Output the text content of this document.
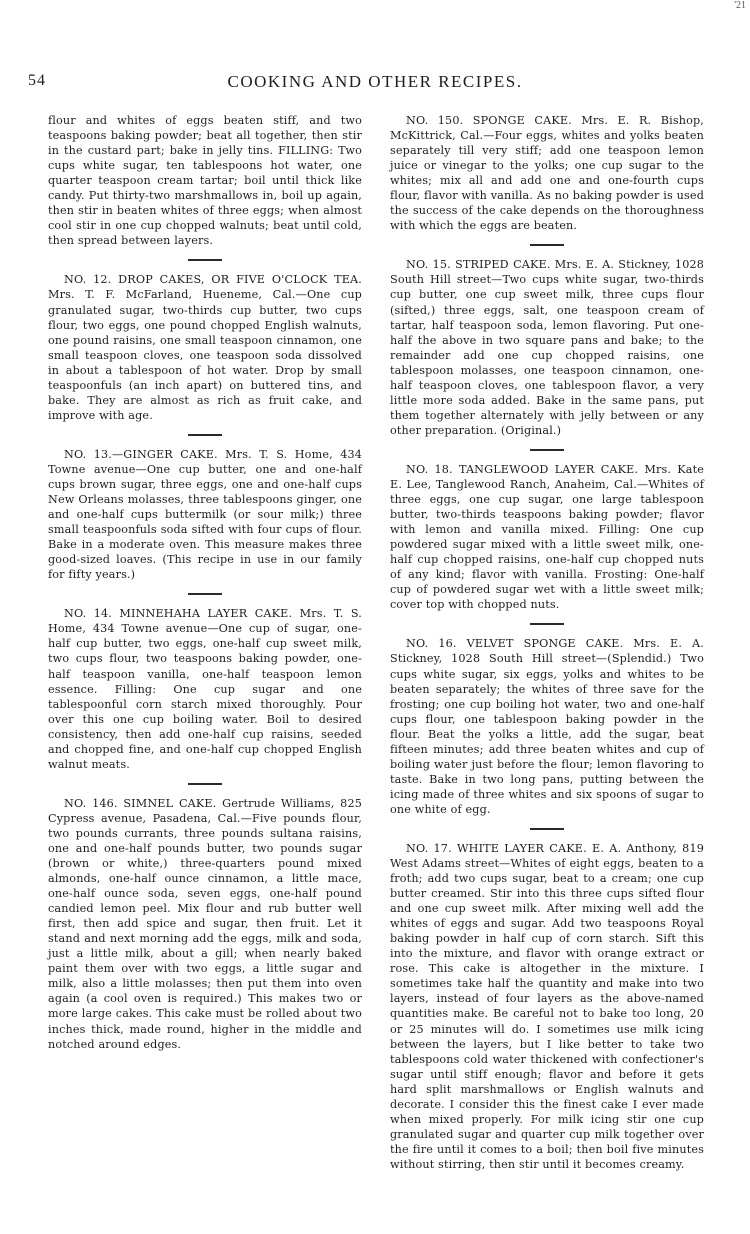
'21
54	COOKING AND OTHER RECIPES.

flour and whites of eggs beaten stiff, and two teaspoons baking powder; beat all together, then stir in the custard part; bake in jelly tins. FILLING: Two cups white sugar, ten tablespoons hot water, one quarter teaspoon cream tartar; boil until thick like candy. Put thirty-two marshmallows in, boil up again, then stir in beaten whites of three eggs; when almost cool stir in one cup chopped walnuts; beat until cold, then spread between layers.

NO. 12. DROP CAKES, OR FIVE O'CLOCK TEA. Mrs. T. F. McFarland, Hueneme, Cal.—One cup granulated sugar, two-thirds cup butter, two cups flour, two eggs, one pound chopped English walnuts, one pound raisins, one small teaspoon cinnamon, one small teaspoon cloves, one teaspoon soda dissolved in about a tablespoon of hot water. Drop by small teaspoonfuls (an inch apart) on buttered tins, and bake. They are almost as rich as fruit cake, and improve with age.

NO. 13.—GINGER CAKE. Mrs. T. S. Home, 434 Towne avenue—One cup butter, one and one-half cups brown sugar, three eggs, one and one-half cups New Orleans molasses, three tablespoons ginger, one and one-half cups buttermilk (or sour milk;) three small teaspoonfuls soda sifted with four cups of flour. Bake in a moderate oven. This measure makes three good-sized loaves. (This recipe in use in our family for fifty years.)

NO. 14. MINNEHAHA LAYER CAKE. Mrs. T. S. Home, 434 Towne avenue—One cup of sugar, one-half cup butter, two eggs, one-half cup sweet milk, two cups flour, two teaspoons baking powder, one-half teaspoon vanilla, one-half teaspoon lemon essence. Filling: One cup sugar and one tablespoonful corn starch mixed thoroughly. Pour over this one cup boiling water. Boil to desired consistency, then add one-half cup raisins, seeded and chopped fine, and one-half cup chopped English walnut meats.

NO. 146. SIMNEL CAKE. Gertrude Williams, 825 Cypress avenue, Pasadena, Cal.—Five pounds flour, two pounds currants, three pounds sultana raisins, one and one-half pounds butter, two pounds sugar (brown or white,) three-quarters pound mixed almonds, one-half ounce cinnamon, a little mace, one-half ounce soda, seven eggs, one-half pound candied lemon peel. Mix flour and rub butter well first, then add spice and sugar, then fruit. Let it stand and next morning add the eggs, milk and soda, just a little milk, about a gill; when nearly baked paint them over with two eggs, a little sugar and milk, also a little molasses; then put them into oven again (a cool oven is required.) This makes two or more large cakes. This cake must be rolled about two inches thick, made round, higher in the middle and notched around edges.

NO. 150. SPONGE CAKE. Mrs. E. R. Bishop, McKittrick, Cal.—Four eggs, whites and yolks beaten separately till very stiff; add one teaspoon lemon juice or vinegar to the yolks; one cup sugar to the whites; mix all and add one and one-fourth cups flour, flavor with vanilla. As no baking powder is used the success of the cake depends on the thoroughness with which the eggs are beaten.

NO. 15. STRIPED CAKE. Mrs. E. A. Stickney, 1028 South Hill street—Two cups white sugar, two-thirds cup butter, one cup sweet milk, three cups flour (sifted,) three eggs, salt, one teaspoon cream of tartar, half teaspoon soda, lemon flavoring. Put one-half the above in two square pans and bake; to the remainder add one cup chopped raisins, one tablespoon molasses, one teaspoon cinnamon, one-half teaspoon cloves, one tablespoon flavor, a very little more soda added. Bake in the same pans, put them together alternately with jelly between or any other preparation. (Original.)

NO. 18. TANGLEWOOD LAYER CAKE. Mrs. Kate E. Lee, Tanglewood Ranch, Anaheim, Cal.—Whites of three eggs, one cup sugar, one large tablespoon butter, two-thirds teaspoons baking powder; flavor with lemon and vanilla mixed. Filling: One cup powdered sugar mixed with a little sweet milk, one-half cup chopped raisins, one-half cup chopped nuts of any kind; flavor with vanilla. Frosting: One-half cup of powdered sugar wet with a little sweet milk; cover top with chopped nuts.

NO. 16. VELVET SPONGE CAKE. Mrs. E. A. Stickney, 1028 South Hill street—(Splendid.) Two cups white sugar, six eggs, yolks and whites to be beaten separately; the whites of three save for the frosting; one cup boiling hot water, two and one-half cups flour, one tablespoon baking powder in the flour. Beat the yolks a little, add the sugar, beat fifteen minutes; add three beaten whites and cup of boiling water just before the flour; lemon flavoring to taste. Bake in two long pans, putting between the icing made of three whites and six spoons of sugar to one white of egg.

NO. 17. WHITE LAYER CAKE. E. A. Anthony, 819 West Adams street—Whites of eight eggs, beaten to a froth; add two cups sugar, beat to a cream; one cup butter creamed. Stir into this three cups sifted flour and one cup sweet milk. After mixing well add the whites of eggs and sugar. Add two teaspoons Royal baking powder in half cup of corn starch. Sift this into the mixture, and flavor with orange extract or rose. This cake is altogether in the mixture. I sometimes take half the quantity and make into two layers, instead of four layers as the above-named quantities make. Be careful not to bake too long, 20 or 25 minutes will do. I sometimes use milk icing between the layers, but I like better to take two tablespoons cold water thickened with confectioner's sugar until stiff enough; flavor and before it gets hard split marshmallows or English walnuts and decorate. I consider this the finest cake I ever made when mixed properly. For milk icing stir one cup granulated sugar and quarter cup milk together over the fire until it comes to a boil; then boil five minutes without stirring, then stir until it becomes creamy.
